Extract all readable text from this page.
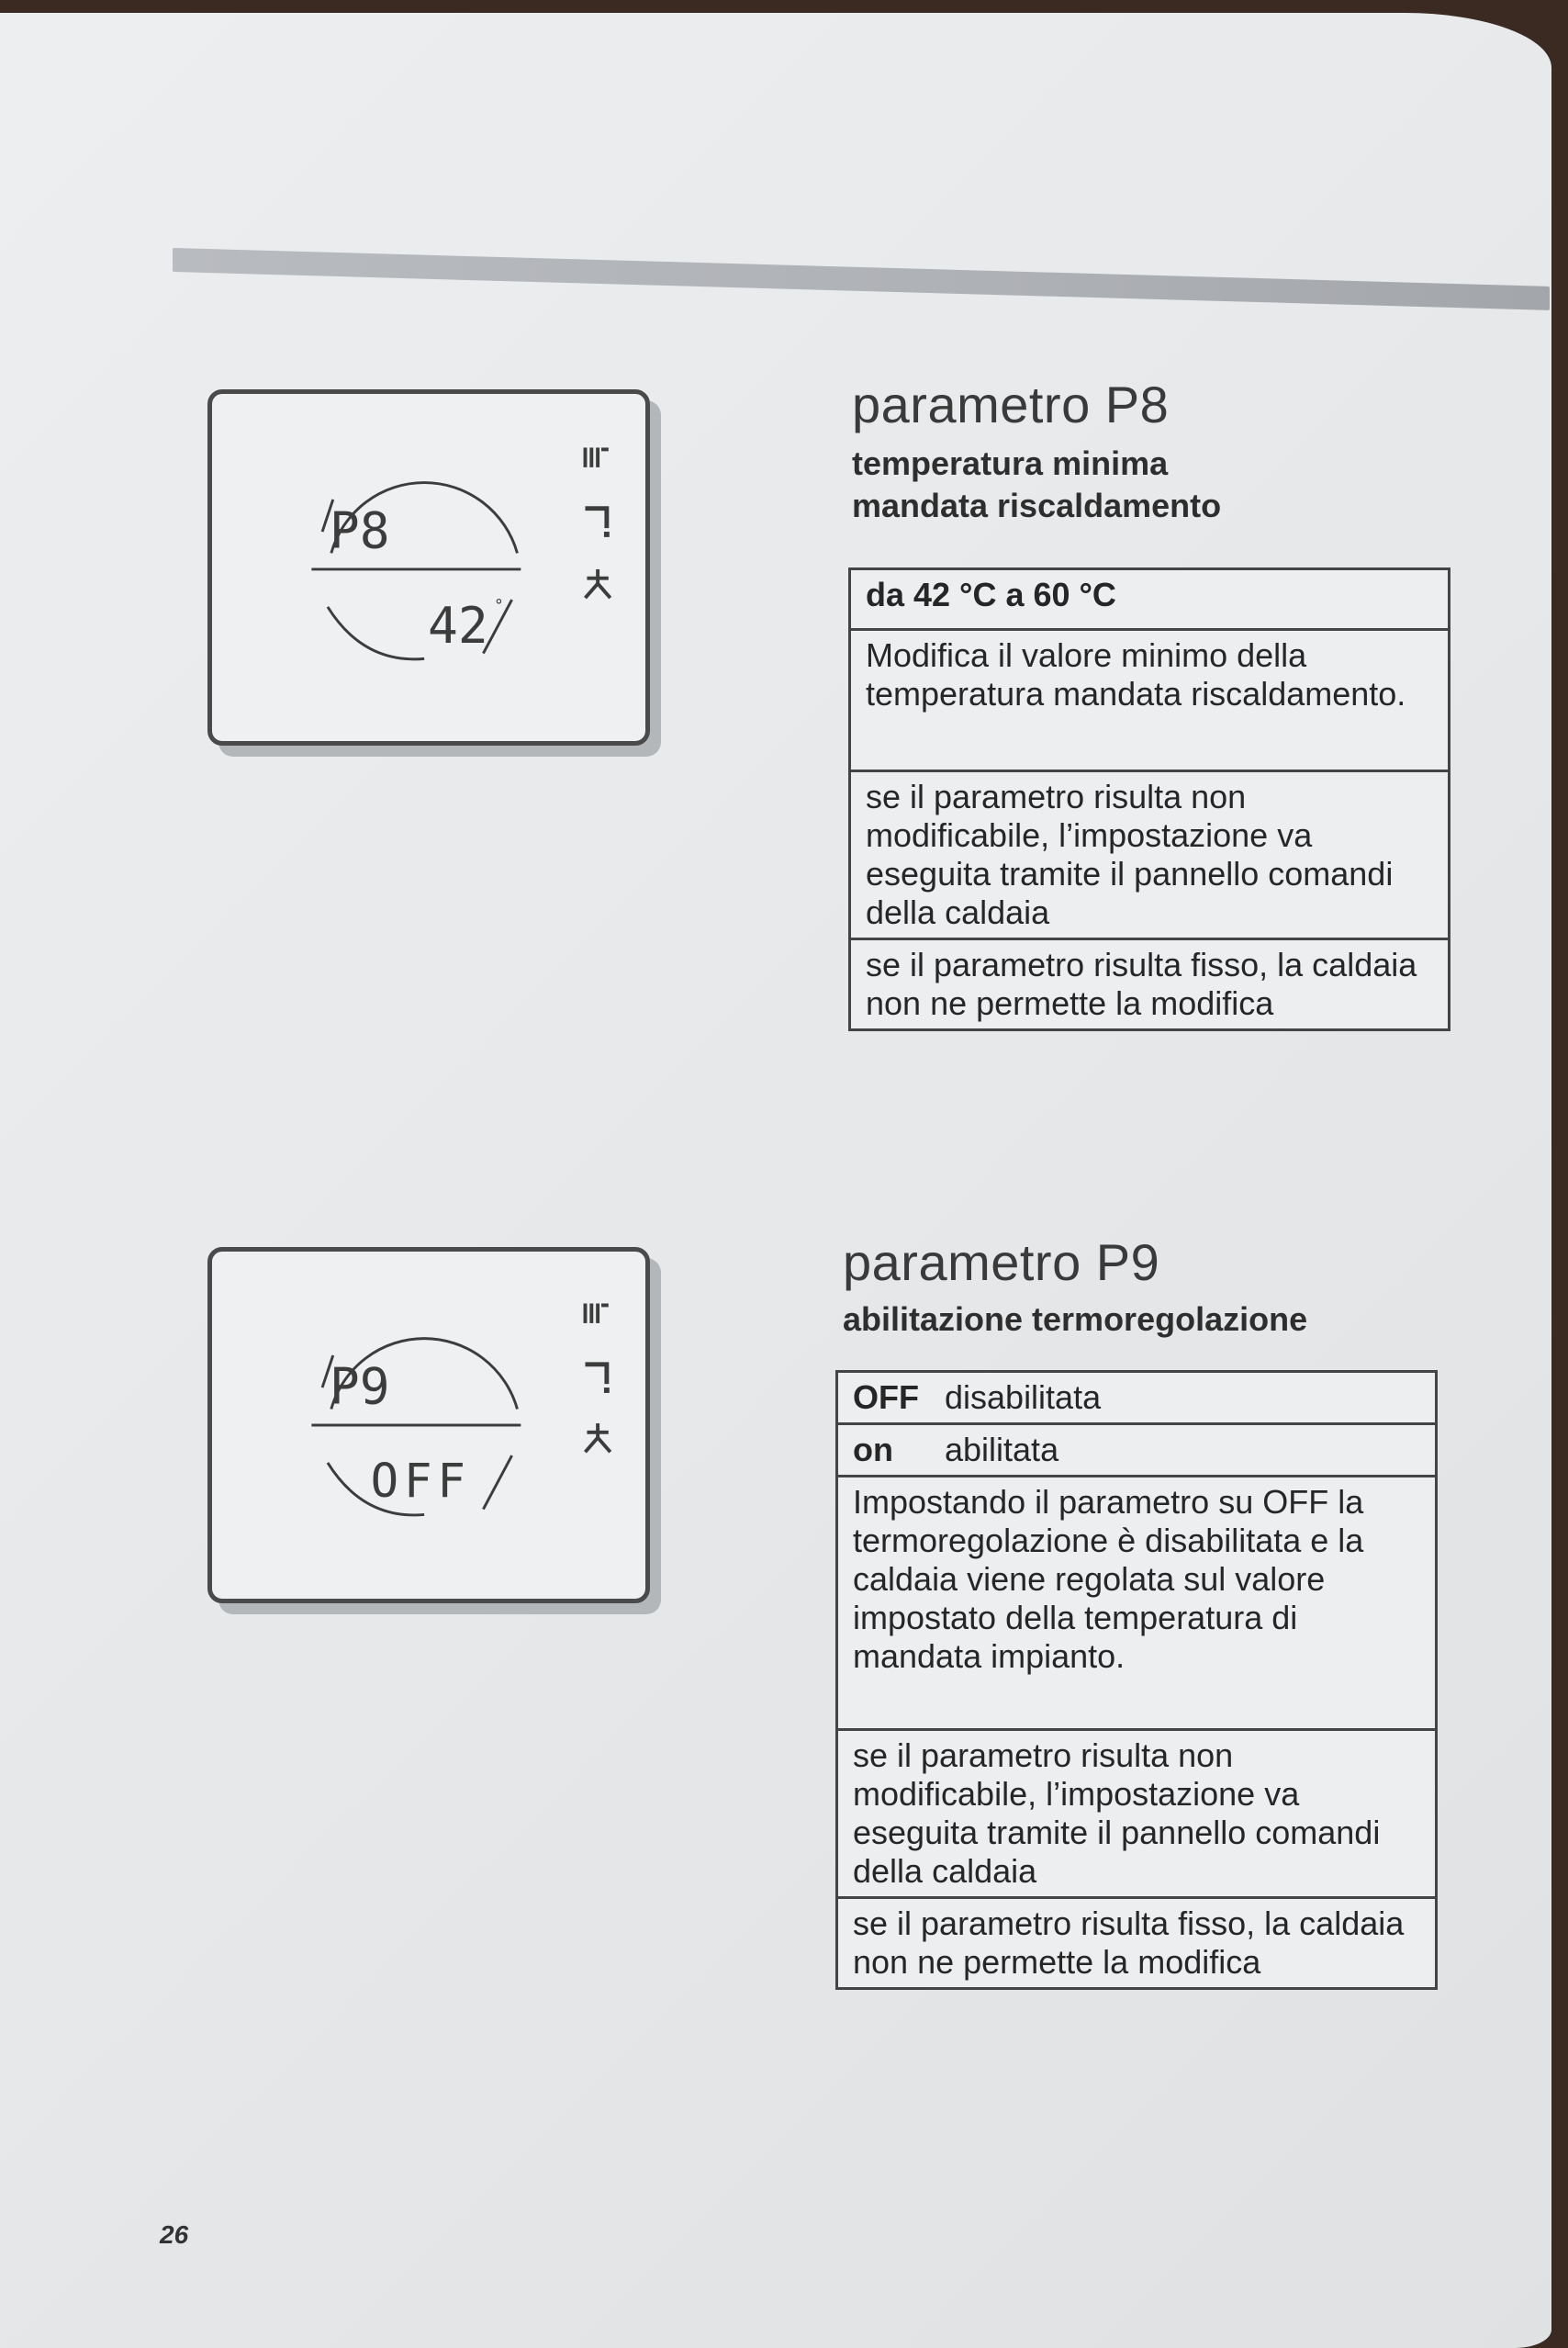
P8
42 °
parametro P8
temperatura minima
mandata riscaldamento
da 42 °C a 60 °C
Modifica il valore minimo della temperatura mandata riscaldamento.
se il parametro risulta non modificabile, l’impostazione va eseguita tramite il pannello comandi della caldaia
se il parametro risulta fisso, la caldaia non ne permette la modifica
P9
OFF
parametro P9
abilitazione termoregolazione
OFF disabilitata
on abilitata
Impostando il parametro su OFF la termoregolazione è disabilitata e la caldaia viene regolata sul valore impostato della temperatura di mandata impianto.
se il parametro risulta non modificabile, l’impostazione va eseguita tramite il pannello comandi della caldaia
se il parametro risulta fisso, la caldaia non ne permette la modifica
26
